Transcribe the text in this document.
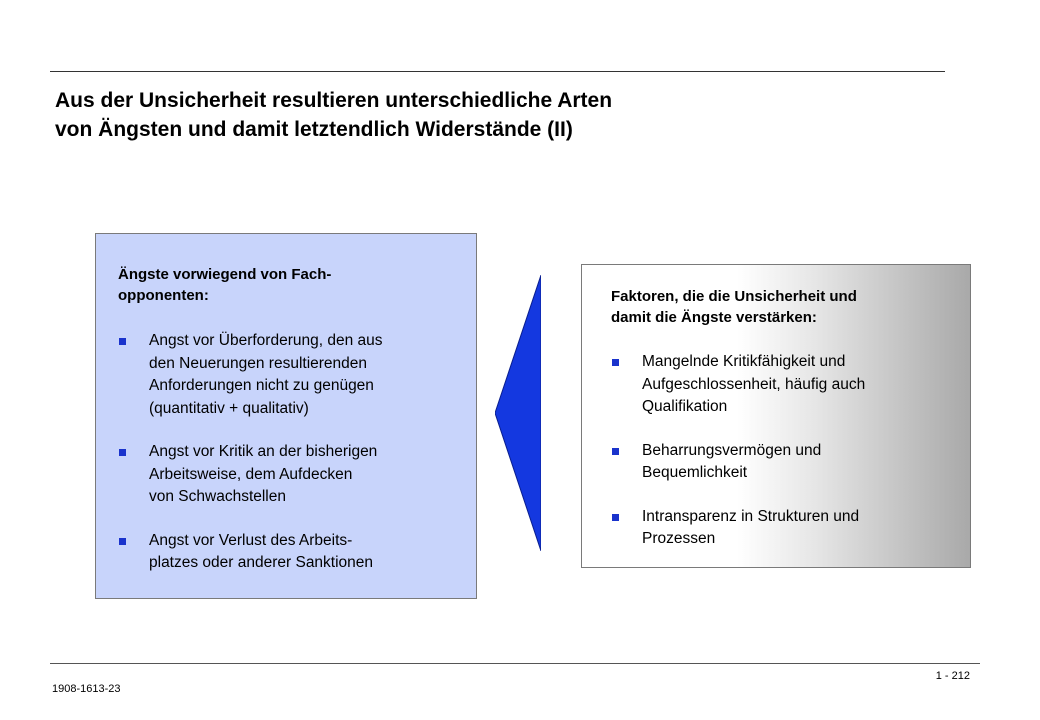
Aus der Unsicherheit resultieren unterschiedliche Arten
von Ängsten und damit letztendlich Widerstände (II)
Ängste vorwiegend von Fach-
opponenten:
Angst vor Überforderung, den aus
den Neuerungen resultierenden
Anforderungen nicht zu genügen
(quantitativ + qualitativ)
Angst vor Kritik an der bisherigen
Arbeitsweise, dem Aufdecken
von Schwachstellen
Angst vor Verlust des Arbeits-
platzes oder anderer Sanktionen
Faktoren, die die Unsicherheit und
damit die Ängste verstärken:
Mangelnde Kritikfähigkeit und
Aufgeschlossenheit, häufig auch
Qualifikation
Beharrungsvermögen und
Bequemlichkeit
Intransparenz in Strukturen und
Prozessen
1908-1613-23
1 - 212
